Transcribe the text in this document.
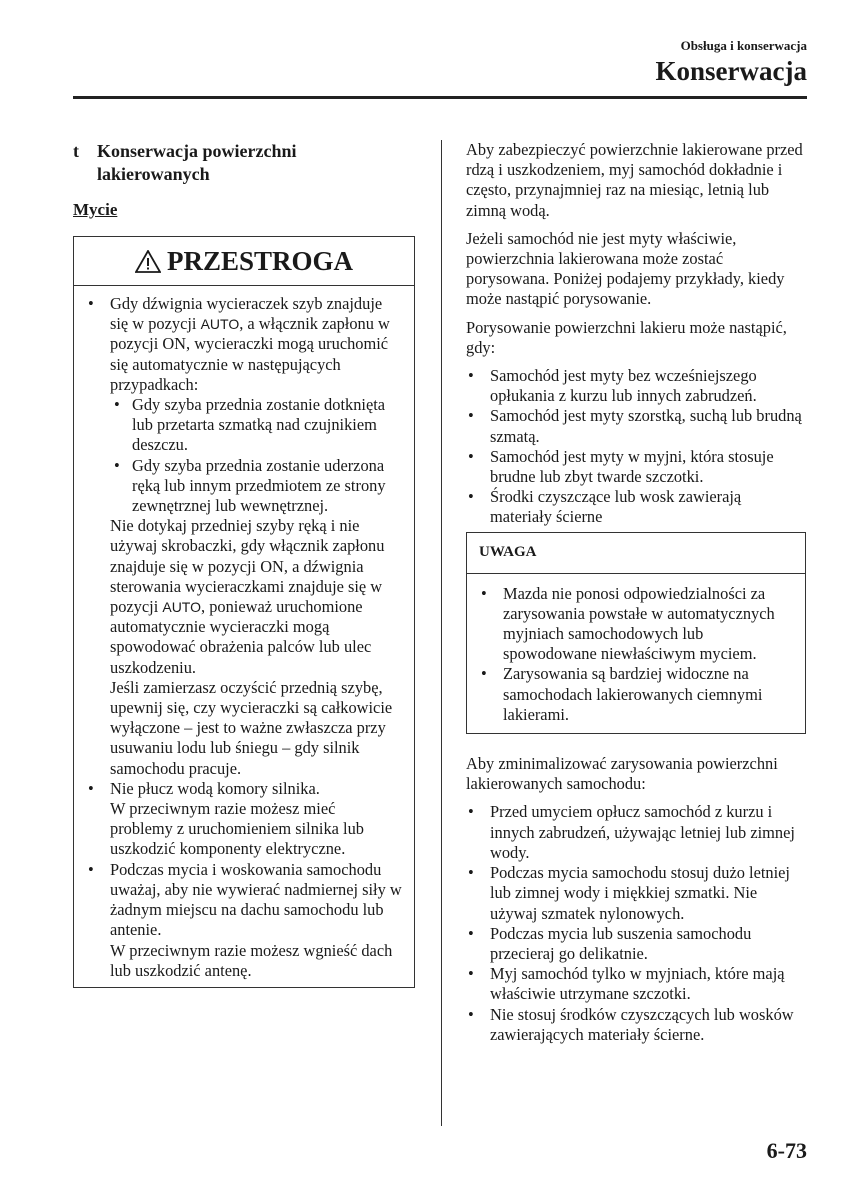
Obsługa i konserwacja
Konserwacja
t	Konserwacja powierzchni lakierowanych
Mycie
PRZESTROGA
• Gdy dźwignia wycieraczek szyb znajduje się w pozycji AUTO, a włącznik zapłonu w pozycji ON, wycieraczki mogą uruchomić się automatycznie w następujących przypadkach:
• Gdy szyba przednia zostanie dotknięta lub przetarta szmatką nad czujnikiem deszczu.
• Gdy szyba przednia zostanie uderzona ręką lub innym przedmiotem ze strony zewnętrznej lub wewnętrznej.
Nie dotykaj przedniej szyby ręką i nie używaj skrobaczki, gdy włącznik zapłonu znajduje się w pozycji ON, a dźwignia sterowania wycieraczkami znajduje się w pozycji AUTO, ponieważ uruchomione automatycznie wycieraczki mogą spowodować obrażenia palców lub ulec uszkodzeniu.
Jeśli zamierzasz oczyścić przednią szybę, upewnij się, czy wycieraczki są całkowicie wyłączone – jest to ważne zwłaszcza przy usuwaniu lodu lub śniegu – gdy silnik samochodu pracuje.
• Nie płucz wodą komory silnika.
W przeciwnym razie możesz mieć problemy z uruchomieniem silnika lub uszkodzić komponenty elektryczne.
• Podczas mycia i woskowania samochodu uważaj, aby nie wywierać nadmiernej siły w żadnym miejscu na dachu samochodu lub antenie.
W przeciwnym razie możesz wgnieść dach lub uszkodzić antenę.

Aby zabezpieczyć powierzchnie lakierowane przed rdzą i uszkodzeniem, myj samochód dokładnie i często, przynajmniej raz na miesiąc, letnią lub zimną wodą.

Jeżeli samochód nie jest myty właściwie, powierzchnia lakierowana może zostać porysowana. Poniżej podajemy przykłady, kiedy może nastąpić porysowanie.

Porysowanie powierzchni lakieru może nastąpić, gdy:

• Samochód jest myty bez wcześniejszego opłukania z kurzu lub innych zabrudzeń.
• Samochód jest myty szorstką, suchą lub brudną szmatą.
• Samochód jest myty w myjni, która stosuje brudne lub zbyt twarde szczotki.
• Środki czyszczące lub wosk zawierają materiały ścierne
UWAGA
• Mazda nie ponosi odpowiedzialności za zarysowania powstałe w automatycznych myjniach samochodowych lub spowodowane niewłaściwym myciem.
• Zarysowania są bardziej widoczne na samochodach lakierowanych ciemnymi lakierami.

Aby zminimalizować zarysowania powierzchni lakierowanych samochodu:

• Przed umyciem opłucz samochód z kurzu i innych zabrudzeń, używając letniej lub zimnej wody.
• Podczas mycia samochodu stosuj dużo letniej lub zimnej wody i miękkiej szmatki. Nie używaj szmatek nylonowych.
• Podczas mycia lub suszenia samochodu przecieraj go delikatnie.
• Myj samochód tylko w myjniach, które mają właściwie utrzymane szczotki.
• Nie stosuj środków czyszczących lub wosków zawierających materiały ścierne.
6-73
